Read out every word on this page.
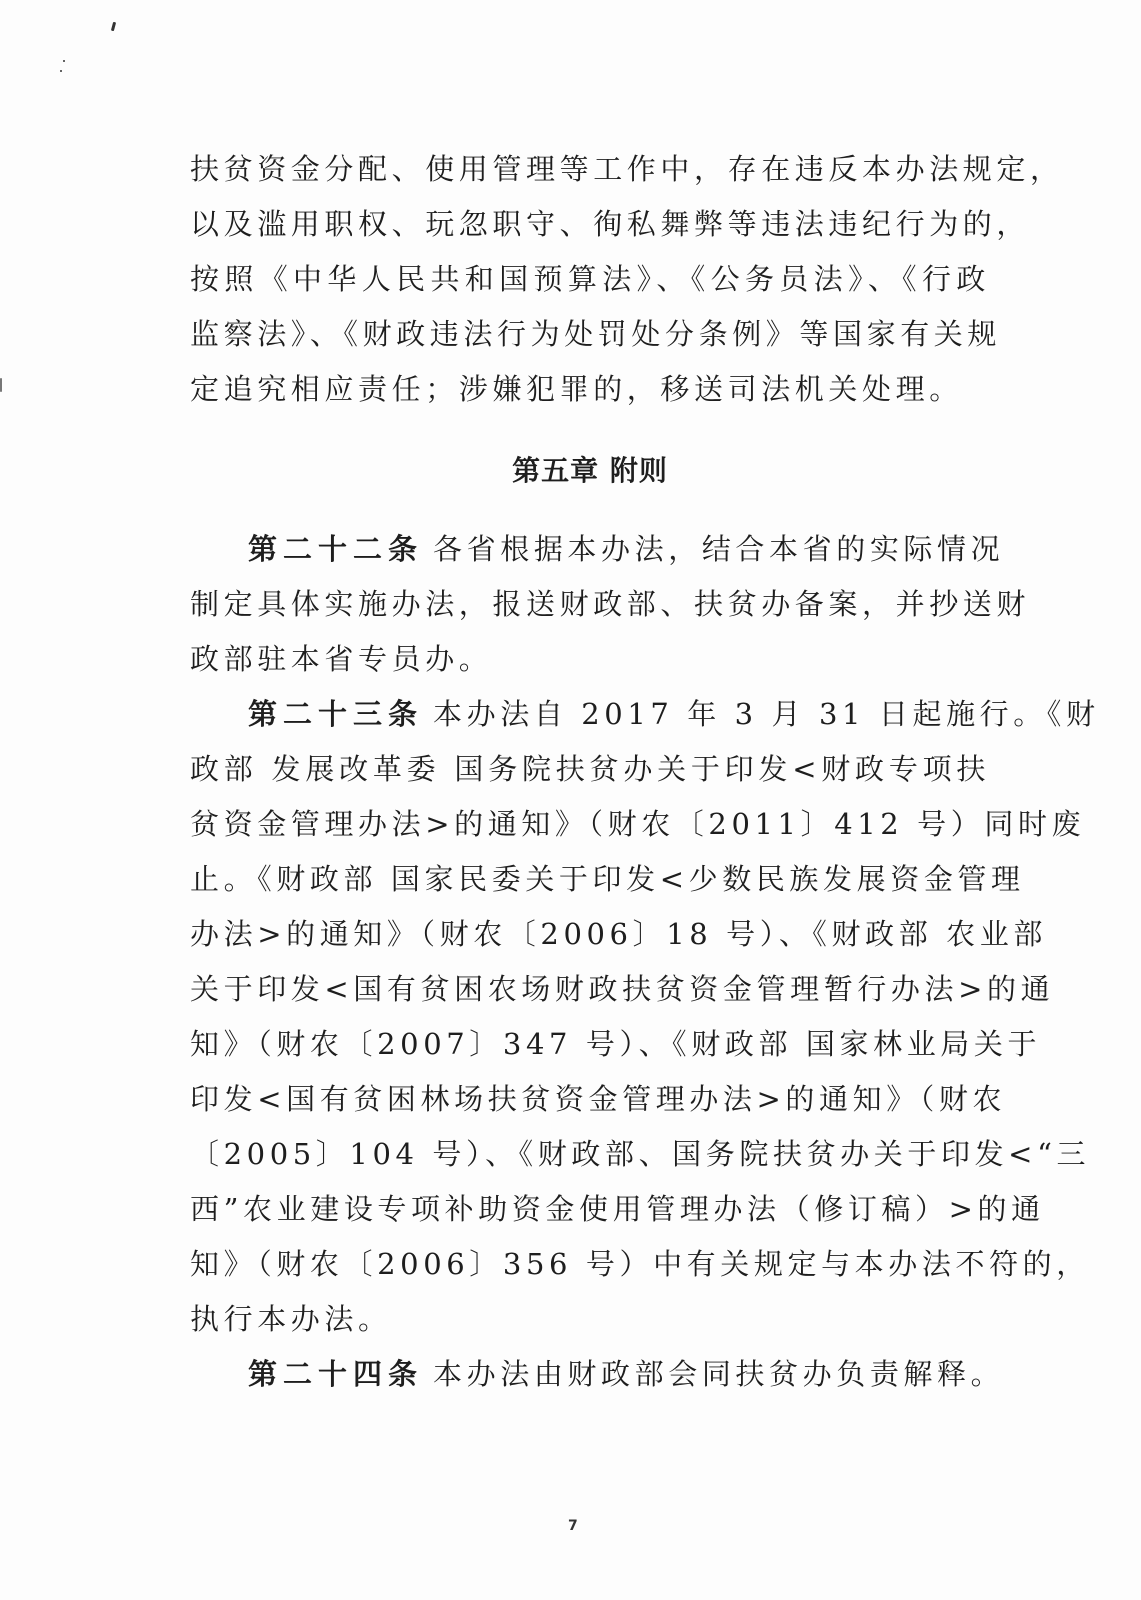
扶贫资金分配、使用管理等工作中，存在违反本办法规定，
以及滥用职权、玩忽职守、徇私舞弊等违法违纪行为的，
按照《中华人民共和国预算法》、《公务员法》、《行政
监察法》、《财政违法行为处罚处分条例》等国家有关规
定追究相应责任；涉嫌犯罪的，移送司法机关处理。
第五章 附则
第二十二条 各省根据本办法，结合本省的实际情况
制定具体实施办法，报送财政部、扶贫办备案，并抄送财
政部驻本省专员办。
第二十三条 本办法自 2017 年 3 月 31 日起施行。《财
政部 发展改革委 国务院扶贫办关于印发<财政专项扶
贫资金管理办法>的通知》（财农〔2011〕412 号）同时废
止。《财政部 国家民委关于印发<少数民族发展资金管理
办法>的通知》（财农〔2006〕18 号）、《财政部 农业部
关于印发<国有贫困农场财政扶贫资金管理暂行办法>的通
知》（财农〔2007〕347 号）、《财政部 国家林业局关于
印发<国有贫困林场扶贫资金管理办法>的通知》（财农
〔2005〕104 号）、《财政部、国务院扶贫办关于印发<“三
西”农业建设专项补助资金使用管理办法（修订稿）>的通
知》（财农〔2006〕356 号）中有关规定与本办法不符的，
执行本办法。
第二十四条 本办法由财政部会同扶贫办负责解释。
7
